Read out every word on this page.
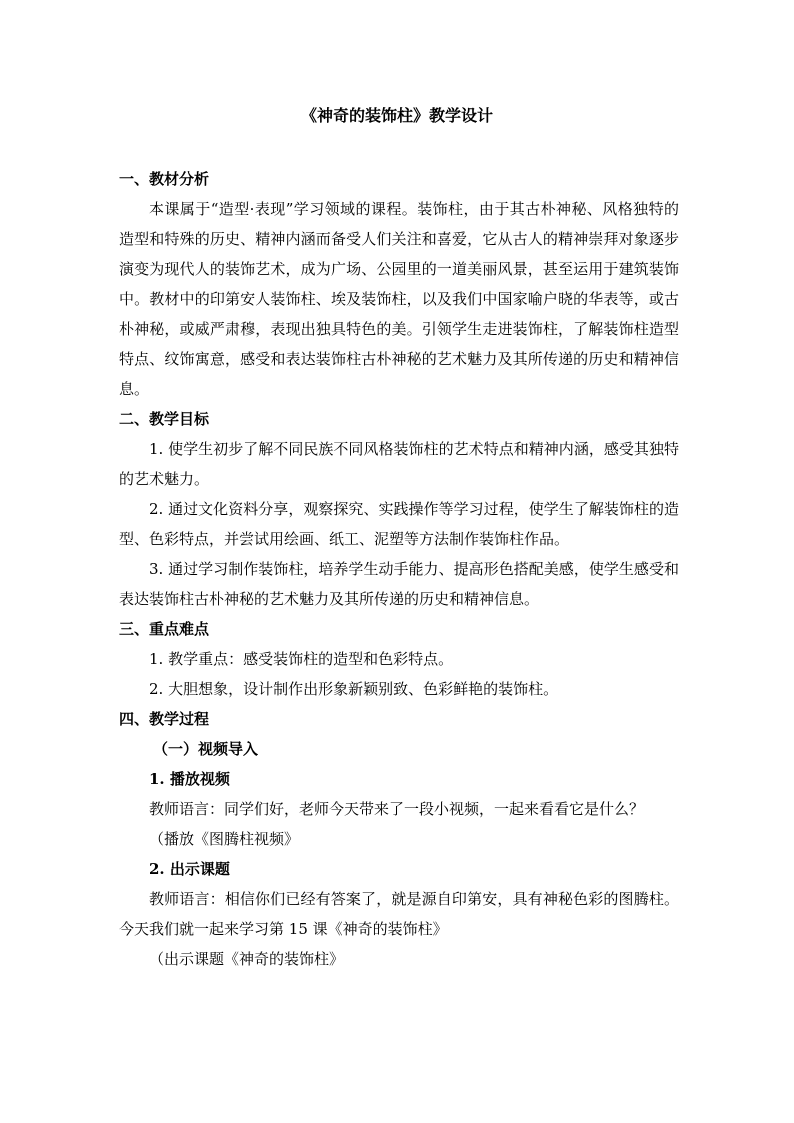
《神奇的装饰柱》教学设计
一、教材分析

本课属于“造型·表现”学习领域的课程。装饰柱，由于其古朴神秘、风格独特的造型和特殊的历史、精神内涵而备受人们关注和喜爱，它从古人的精神崇拜对象逐步演变为现代人的装饰艺术，成为广场、公园里的一道美丽风景，甚至运用于建筑装饰中。教材中的印第安人装饰柱、埃及装饰柱，以及我们中国家喻户晓的华表等，或古朴神秘，或威严肃穆，表现出独具特色的美。引领学生走进装饰柱，了解装饰柱造型特点、纹饰寓意，感受和表达装饰柱古朴神秘的艺术魅力及其所传递的历史和精神信息。

二、教学目标

1. 使学生初步了解不同民族不同风格装饰柱的艺术特点和精神内涵，感受其独特的艺术魅力。

2. 通过文化资料分享，观察探究、实践操作等学习过程，使学生了解装饰柱的造型、色彩特点，并尝试用绘画、纸工、泥塑等方法制作装饰柱作品。

3. 通过学习制作装饰柱，培养学生动手能力、提高形色搭配美感，使学生感受和表达装饰柱古朴神秘的艺术魅力及其所传递的历史和精神信息。

三、重点难点
1. 教学重点：感受装饰柱的造型和色彩特点。
2. 大胆想象，设计制作出形象新颖别致、色彩鲜艳的装饰柱。
四、教学过程
（一）视频导入
1. 播放视频

教师语言：同学们好，老师今天带来了一段小视频，一起来看看它是什么？

（播放《图腾柱视频》
2. 出示课题

教师语言：相信你们已经有答案了，就是源自印第安，具有神秘色彩的图腾柱。今天我们就一起来学习第 15 课《神奇的装饰柱》

（出示课题《神奇的装饰柱》
